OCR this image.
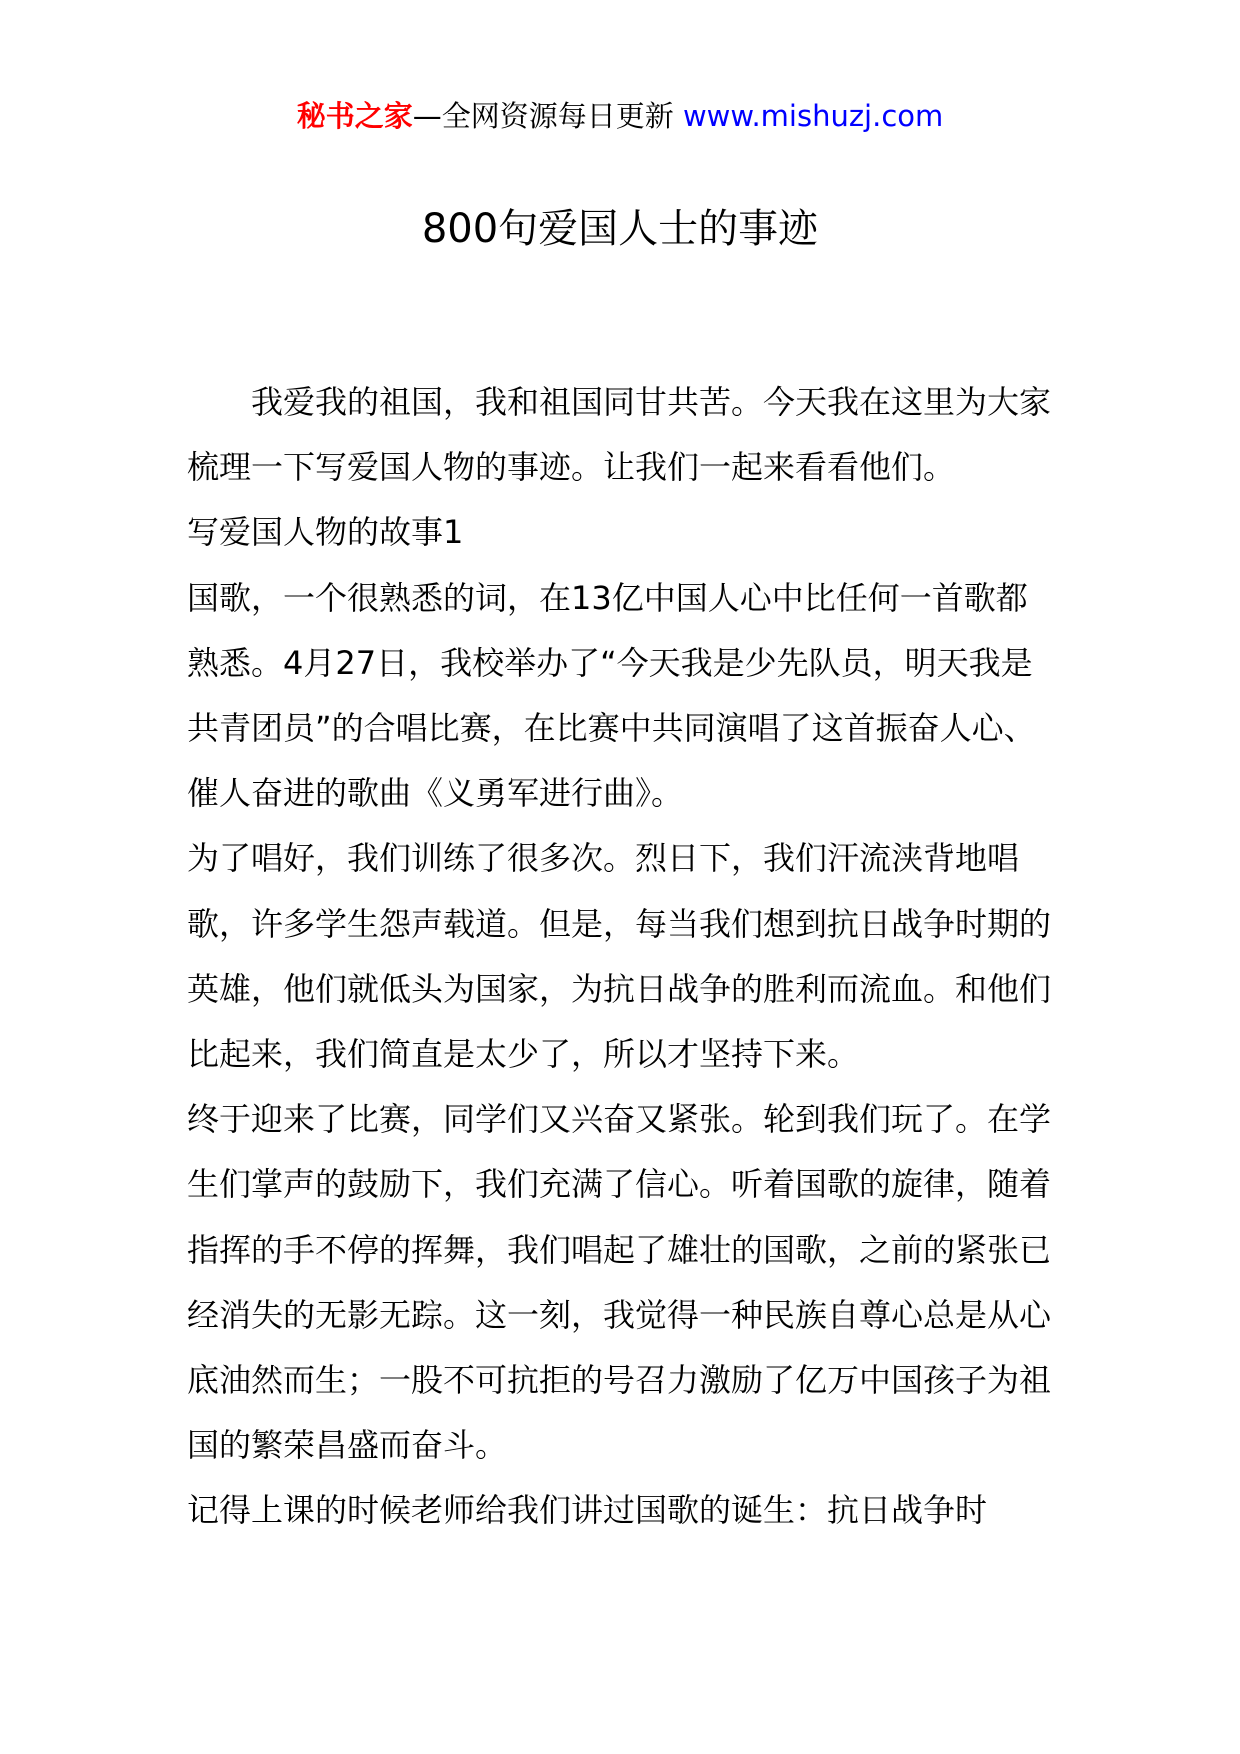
秘书之家—全网资源每日更新 www.mishuzj.com
800句爱国人士的事迹

我爱我的祖国，我和祖国同甘共苦。今天我在这里为大家梳理一下写爱国人物的事迹。让我们一起来看看他们。

写爱国人物的故事1

国歌，一个很熟悉的词，在13亿中国人心中比任何一首歌都熟悉。4月27日，我校举办了“今天我是少先队员，明天我是共青团员”的合唱比赛，在比赛中共同演唱了这首振奋人心、催人奋进的歌曲《义勇军进行曲》。

为了唱好，我们训练了很多次。烈日下，我们汗流浃背地唱歌，许多学生怨声载道。但是，每当我们想到抗日战争时期的英雄，他们就低头为国家，为抗日战争的胜利而流血。和他们比起来，我们简直是太少了，所以才坚持下来。

终于迎来了比赛，同学们又兴奋又紧张。轮到我们玩了。在学生们掌声的鼓励下，我们充满了信心。听着国歌的旋律，随着指挥的手不停的挥舞，我们唱起了雄壮的国歌，之前的紧张已经消失的无影无踪。这一刻，我觉得一种民族自尊心总是从心底油然而生；一股不可抗拒的号召力激励了亿万中国孩子为祖国的繁荣昌盛而奋斗。

记得上课的时候老师给我们讲过国歌的诞生：抗日战争时
